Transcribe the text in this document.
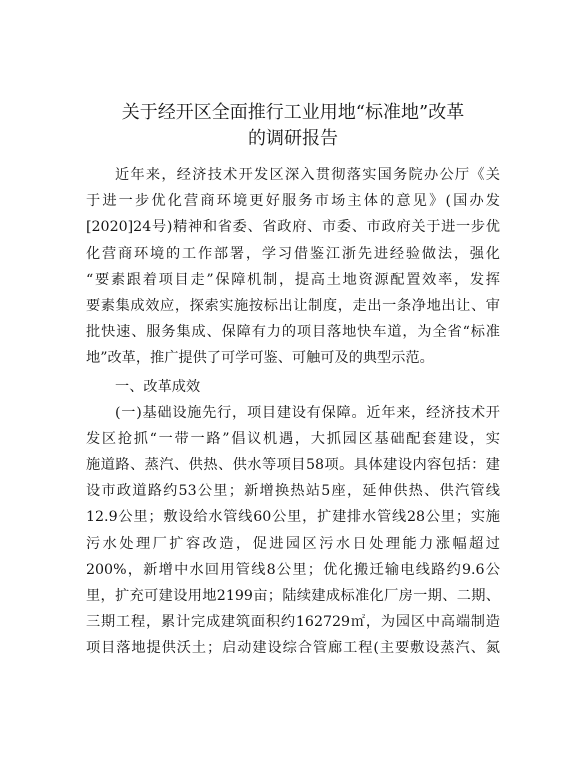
关于经开区全面推行工业用地“标准地”改革
的调研报告
近年来，经济技术开发区深入贯彻落实国务院办公厅《关
于进一步优化营商环境更好服务市场主体的意见》(国办发
[2020]24号)精神和省委、省政府、市委、市政府关于进一步优
化营商环境的工作部署，学习借鉴江浙先进经验做法，强化
“要素跟着项目走”保障机制，提高土地资源配置效率，发挥
要素集成效应，探索实施按标出让制度，走出一条净地出让、审
批快速、服务集成、保障有力的项目落地快车道，为全省“标准
地”改革，推广提供了可学可鉴、可触可及的典型示范。
一、改革成效
(一)基础设施先行，项目建设有保障。近年来，经济技术开
发区抢抓“一带一路”倡议机遇，大抓园区基础配套建设，实
施道路、蒸汽、供热、供水等项目58项。具体建设内容包括：建
设市政道路约53公里；新增换热站5座，延伸供热、供汽管线
12.9公里；敷设给水管线60公里，扩建排水管线28公里；实施
污水处理厂扩容改造，促进园区污水日处理能力涨幅超过
200%，新增中水回用管线8公里；优化搬迁输电线路约9.6公
里，扩充可建设用地2199亩；陆续建成标准化厂房一期、二期、
三期工程，累计完成建筑面积约162729㎡，为园区中高端制造
项目落地提供沃土；启动建设综合管廊工程(主要敷设蒸汽、氮
